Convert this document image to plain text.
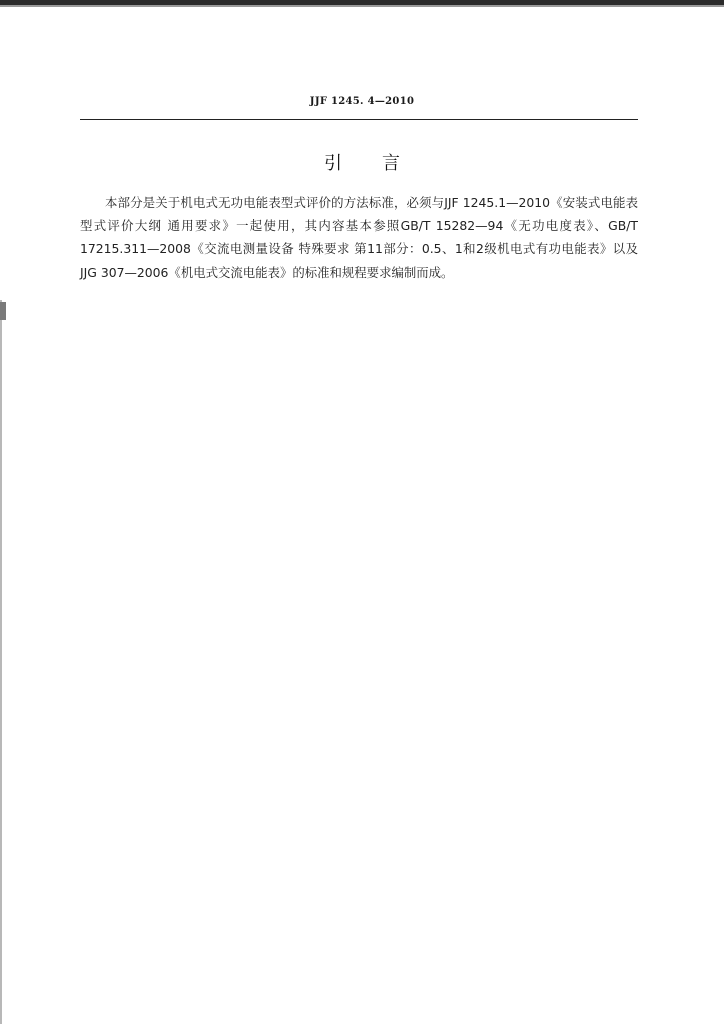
JJF 1245. 4—2010
引言

本部分是关于机电式无功电能表型式评价的方法标准，必须与JJF 1245.1—2010《安装式电能表型式评价大纲 通用要求》一起使用，其内容基本参照GB/T 15282—94《无功电度表》、GB/T 17215.311—2008《交流电测量设备 特殊要求 第11部分：0.5、1和2级机电式有功电能表》以及JJG 307—2006《机电式交流电能表》的标准和规程要求编制而成。
